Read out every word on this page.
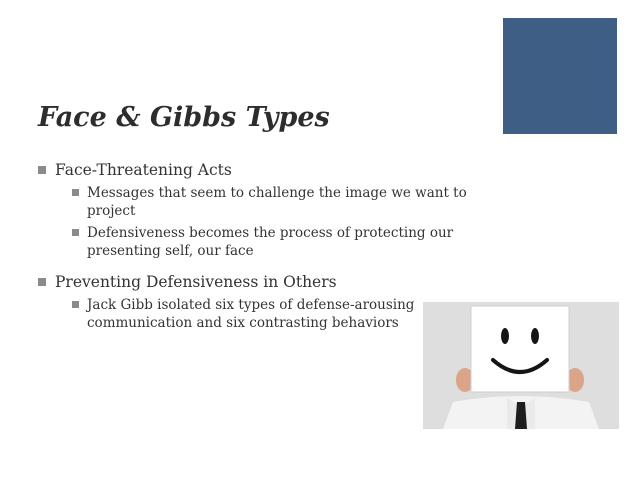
Face & Gibbs Types
Face-Threatening Acts
Messages that seem to challenge the image we want to project
Defensiveness becomes the process of protecting our presenting self, our face
Preventing Defensiveness in Others
Jack Gibb isolated six types of defense-arousing communication and six contrasting behaviors
